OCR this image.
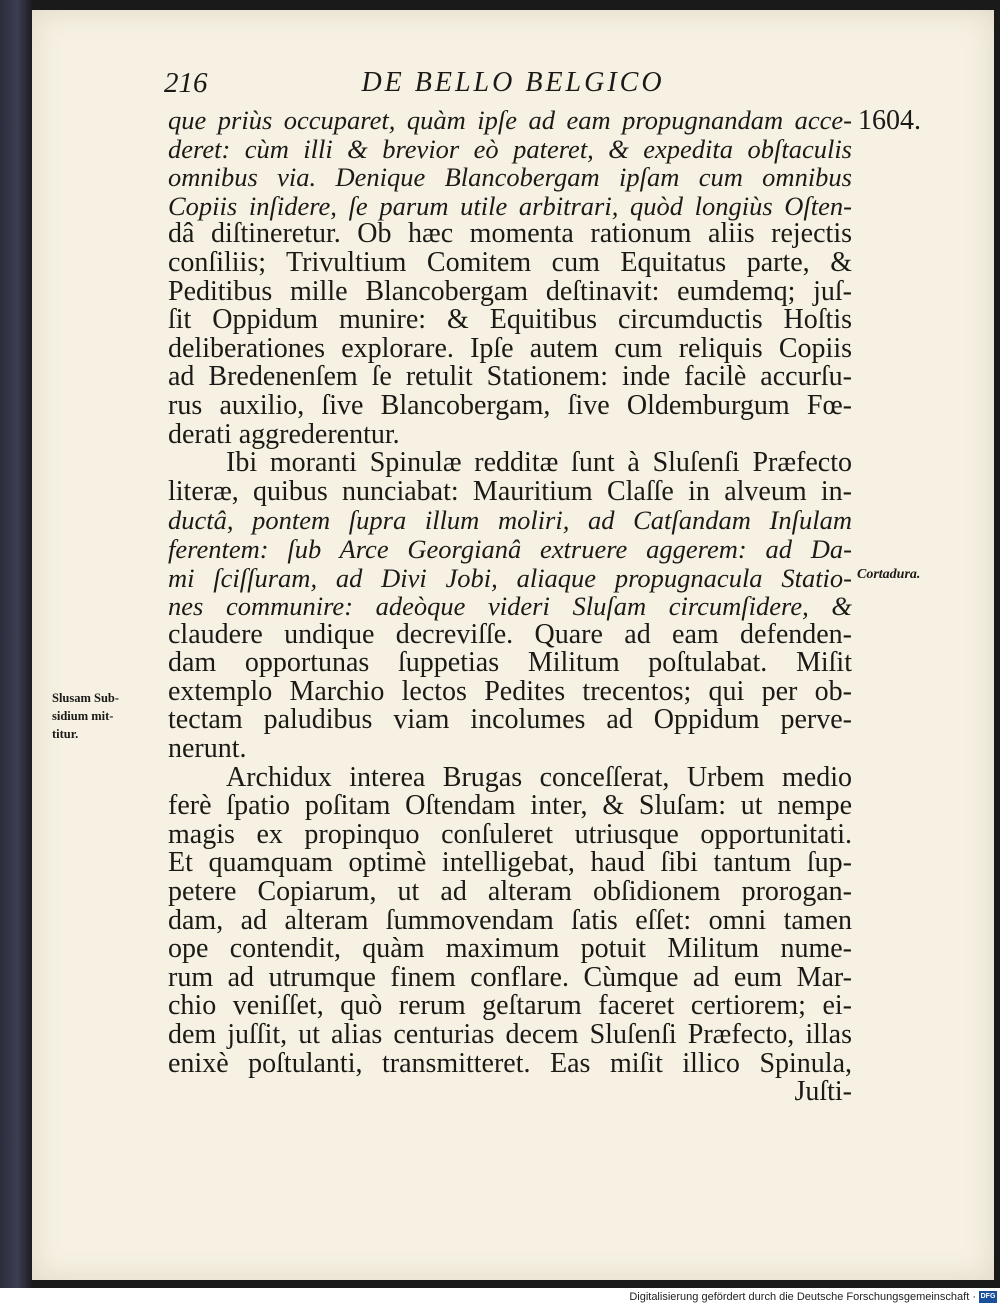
216	DE BELLO BELGICO
1604.
Cortadura.
Slusam Sub-
sidium mit-
titur.
que priùs occuparet, quàm ipſe ad eam propugnandam acce-
deret: cùm illi & brevior eò pateret, & expedita obſtaculis
omnibus via. Denique Blancobergam ipſam cum omnibus
Copiis inſidere, ſe parum utile arbitrari, quòd longiùs Oſten-
dâ diſtineretur. Ob hæc momenta rationum aliis rejectis
conſiliis; Trivultium Comitem cum Equitatus parte, &
Peditibus mille Blancobergam deſtinavit: eumdemq; juſ-
ſit Oppidum munire: & Equitibus circumductis Hoſtis
deliberationes explorare. Ipſe autem cum reliquis Copiis
ad Bredenenſem ſe retulit Stationem: inde facilè accurſu-
rus auxilio, ſive Blancobergam, ſive Oldemburgum Fœ-
derati aggrederentur.
Ibi moranti Spinulæ redditæ ſunt à Sluſenſi Præfecto
literæ, quibus nunciabat: Mauritium Claſſe in alveum in-
ductâ, pontem ſupra illum moliri, ad Catſandam Inſulam
ferentem: ſub Arce Georgianâ extruere aggerem: ad Da-
mi ſciſſuram, ad Divi Jobi, aliaque propugnacula Statio-
nes communire: adeòque videri Sluſam circumſidere, &
claudere undique decreviſſe. Quare ad eam defenden-
dam opportunas ſuppetias Militum poſtulabat. Miſit
extemplo Marchio lectos Pedites trecentos; qui per ob-
tectam paludibus viam incolumes ad Oppidum perve-
nerunt.
Archidux interea Brugas conceſſerat, Urbem medio
ferè ſpatio poſitam Oſtendam inter, & Sluſam: ut nempe
magis ex propinquo conſuleret utriusque opportunitati.
Et quamquam optimè intelligebat, haud ſibi tantum ſup-
petere Copiarum, ut ad alteram obſidionem prorogan-
dam, ad alteram ſummovendam ſatis eſſet: omni tamen
ope contendit, quàm maximum potuit Militum nume-
rum ad utrumque finem conflare. Cùmque ad eum Mar-
chio veniſſet, quò rerum geſtarum faceret certiorem; ei-
dem juſſit, ut alias centurias decem Sluſenſi Præfecto, illas
enixè poſtulanti, transmitteret. Eas miſit illico Spinula,
Juſti-
Digitalisierung gefördert durch die Deutsche Forschungsgemeinschaft · DFG
